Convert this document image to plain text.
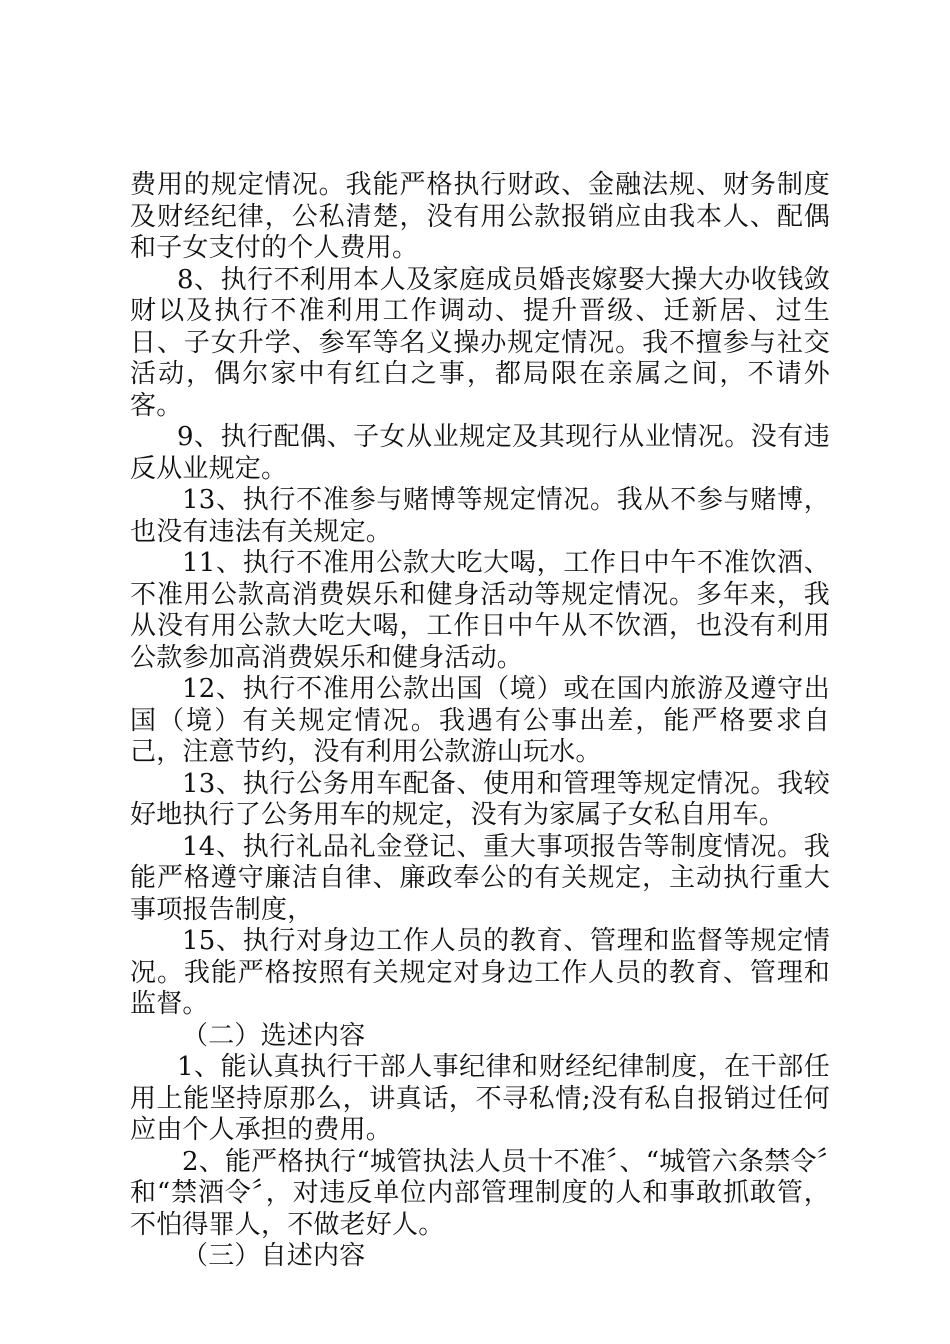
费用的规定情况。我能严格执行财政、金融法规、财务制度及财经纪律，公私清楚，没有用公款报销应由我本人、配偶和子女支付的个人费用。

8、执行不利用本人及家庭成员婚丧嫁娶大操大办收钱敛财以及执行不准利用工作调动、提升晋级、迁新居、过生日、子女升学、参军等名义操办规定情况。我不擅参与社交活动，偶尔家中有红白之事，都局限在亲属之间，不请外客。

9、执行配偶、子女从业规定及其现行从业情况。没有违反从业规定。

13、执行不准参与赌博等规定情况。我从不参与赌博，也没有违法有关规定。

11、执行不准用公款大吃大喝，工作日中午不准饮酒、不准用公款高消费娱乐和健身活动等规定情况。多年来，我从没有用公款大吃大喝，工作日中午从不饮酒，也没有利用公款参加高消费娱乐和健身活动。

12、执行不准用公款出国（境）或在国内旅游及遵守出国（境）有关规定情况。我遇有公事出差，能严格要求自己，注意节约，没有利用公款游山玩水。

13、执行公务用车配备、使用和管理等规定情况。我较好地执行了公务用车的规定，没有为家属子女私自用车。

14、执行礼品礼金登记、重大事项报告等制度情况。我能严格遵守廉洁自律、廉政奉公的有关规定，主动执行重大事项报告制度，

15、执行对身边工作人员的教育、管理和监督等规定情况。我能严格按照有关规定对身边工作人员的教育、管理和监督。

（二）选述内容

1、能认真执行干部人事纪律和财经纪律制度，在干部任用上能坚持原那么，讲真话，不寻私情;没有私自报销过任何应由个人承担的费用。

2、能严格执行“城管执法人员十不准〞、“城管六条禁令〞和“禁酒令〞，对违反单位内部管理制度的人和事敢抓敢管，不怕得罪人，不做老好人。

（三）自述内容
